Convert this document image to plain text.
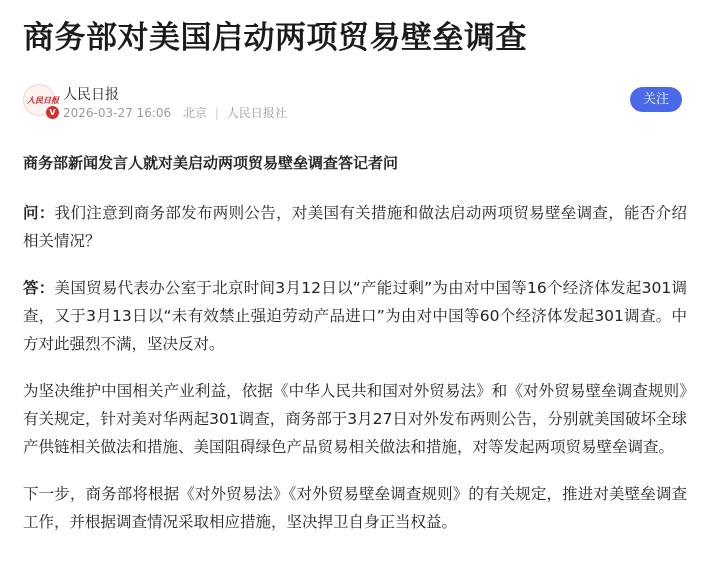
商务部对美国启动两项贸易壁垒调查
人民日报
V
人民日报
2026-03-27 16:06 北京 | 人民日报社
关注
商务部新闻发言人就对美启动两项贸易壁垒调查答记者问
问：我们注意到商务部发布两则公告，对美国有关措施和做法启动两项贸易壁垒调查，能否介绍相关情况？
答：美国贸易代表办公室于北京时间3月12日以“产能过剩”为由对中国等16个经济体发起301调查，又于3月13日以“未有效禁止强迫劳动产品进口”为由对中国等60个经济体发起301调查。中方对此强烈不满，坚决反对。
为坚决维护中国相关产业利益，依据《中华人民共和国对外贸易法》和《对外贸易壁垒调查规则》有关规定，针对美对华两起301调查，商务部于3月27日对外发布两则公告，分别就美国破坏全球产供链相关做法和措施、美国阻碍绿色产品贸易相关做法和措施，对等发起两项贸易壁垒调查。
下一步，商务部将根据《对外贸易法》《对外贸易壁垒调查规则》的有关规定，推进对美壁垒调查工作，并根据调查情况采取相应措施，坚决捍卫自身正当权益。
